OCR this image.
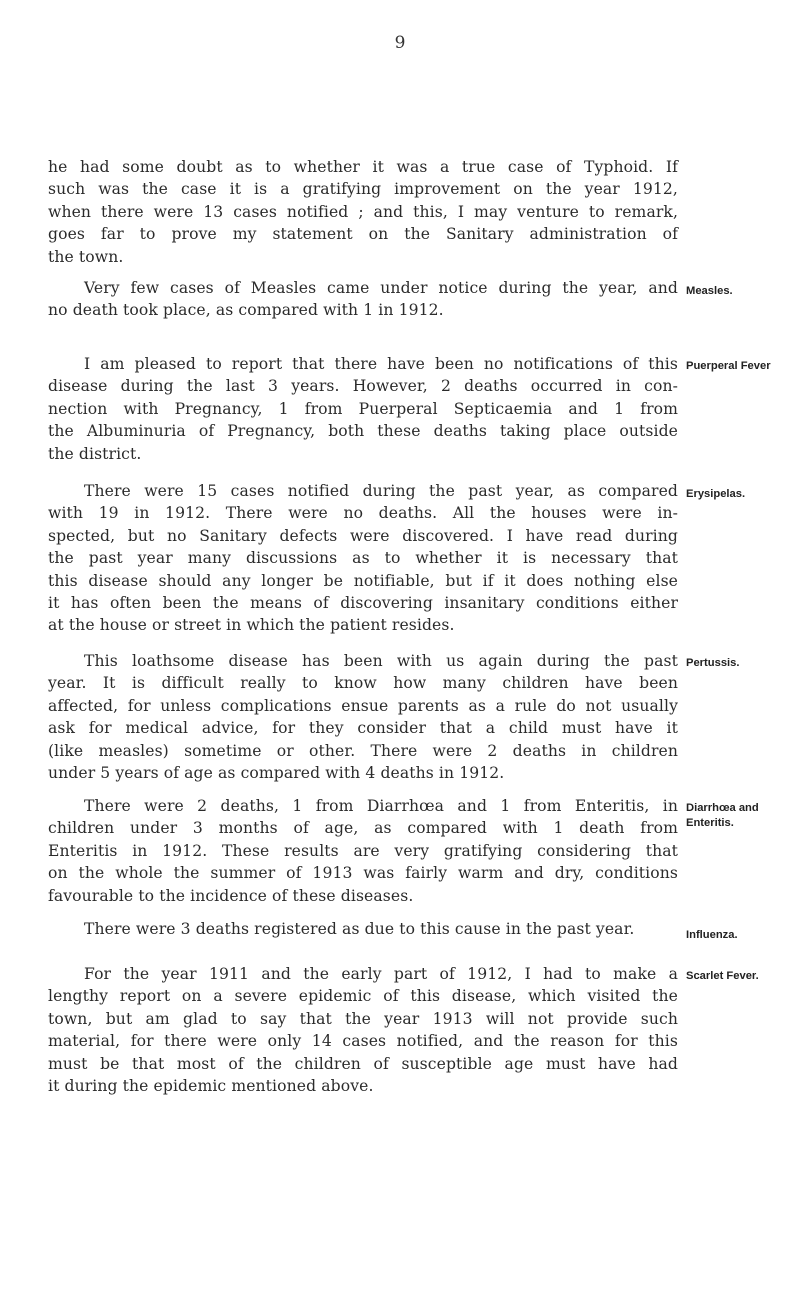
9
he had some doubt as to whether it was a true case of Typhoid. If
such was the case it is a gratifying improvement on the year 1912,
when there were 13 cases notified ; and this, I may venture to remark,
goes far to prove my statement on the Sanitary administration of
the town.
Very few cases of Measles came under notice during the year, and
no death took place, as compared with 1 in 1912.
Measles.
I am pleased to report that there have been no notifications of this
disease during the last 3 years. However, 2 deaths occurred in con-
nection with Pregnancy, 1 from Puerperal Septicaemia and 1 from
the Albuminuria of Pregnancy, both these deaths taking place outside
the district.
Puerperal Fever
There were 15 cases notified during the past year, as compared
with 19 in 1912. There were no deaths. All the houses were in-
spected, but no Sanitary defects were discovered. I have read during
the past year many discussions as to whether it is necessary that
this disease should any longer be notifiable, but if it does nothing else
it has often been the means of discovering insanitary conditions either
at the house or street in which the patient resides.
Erysipelas.
This loathsome disease has been with us again during the past
year. It is difficult really to know how many children have been
affected, for unless complications ensue parents as a rule do not usually
ask for medical advice, for they consider that a child must have it
(like measles) sometime or other. There were 2 deaths in children
under 5 years of age as compared with 4 deaths in 1912.
Pertussis.
There were 2 deaths, 1 from Diarrhœa and 1 from Enteritis, in
children under 3 months of age, as compared with 1 death from
Enteritis in 1912. These results are very gratifying considering that
on the whole the summer of 1913 was fairly warm and dry, conditions
favourable to the incidence of these diseases.
Diarrhœa and Enteritis.
There were 3 deaths registered as due to this cause in the past year.	Influenza.
For the year 1911 and the early part of 1912, I had to make a
lengthy report on a severe epidemic of this disease, which visited the
town, but am glad to say that the year 1913 will not provide such
material, for there were only 14 cases notified, and the reason for this
must be that most of the children of susceptible age must have had
it during the epidemic mentioned above.
Scarlet Fever.
